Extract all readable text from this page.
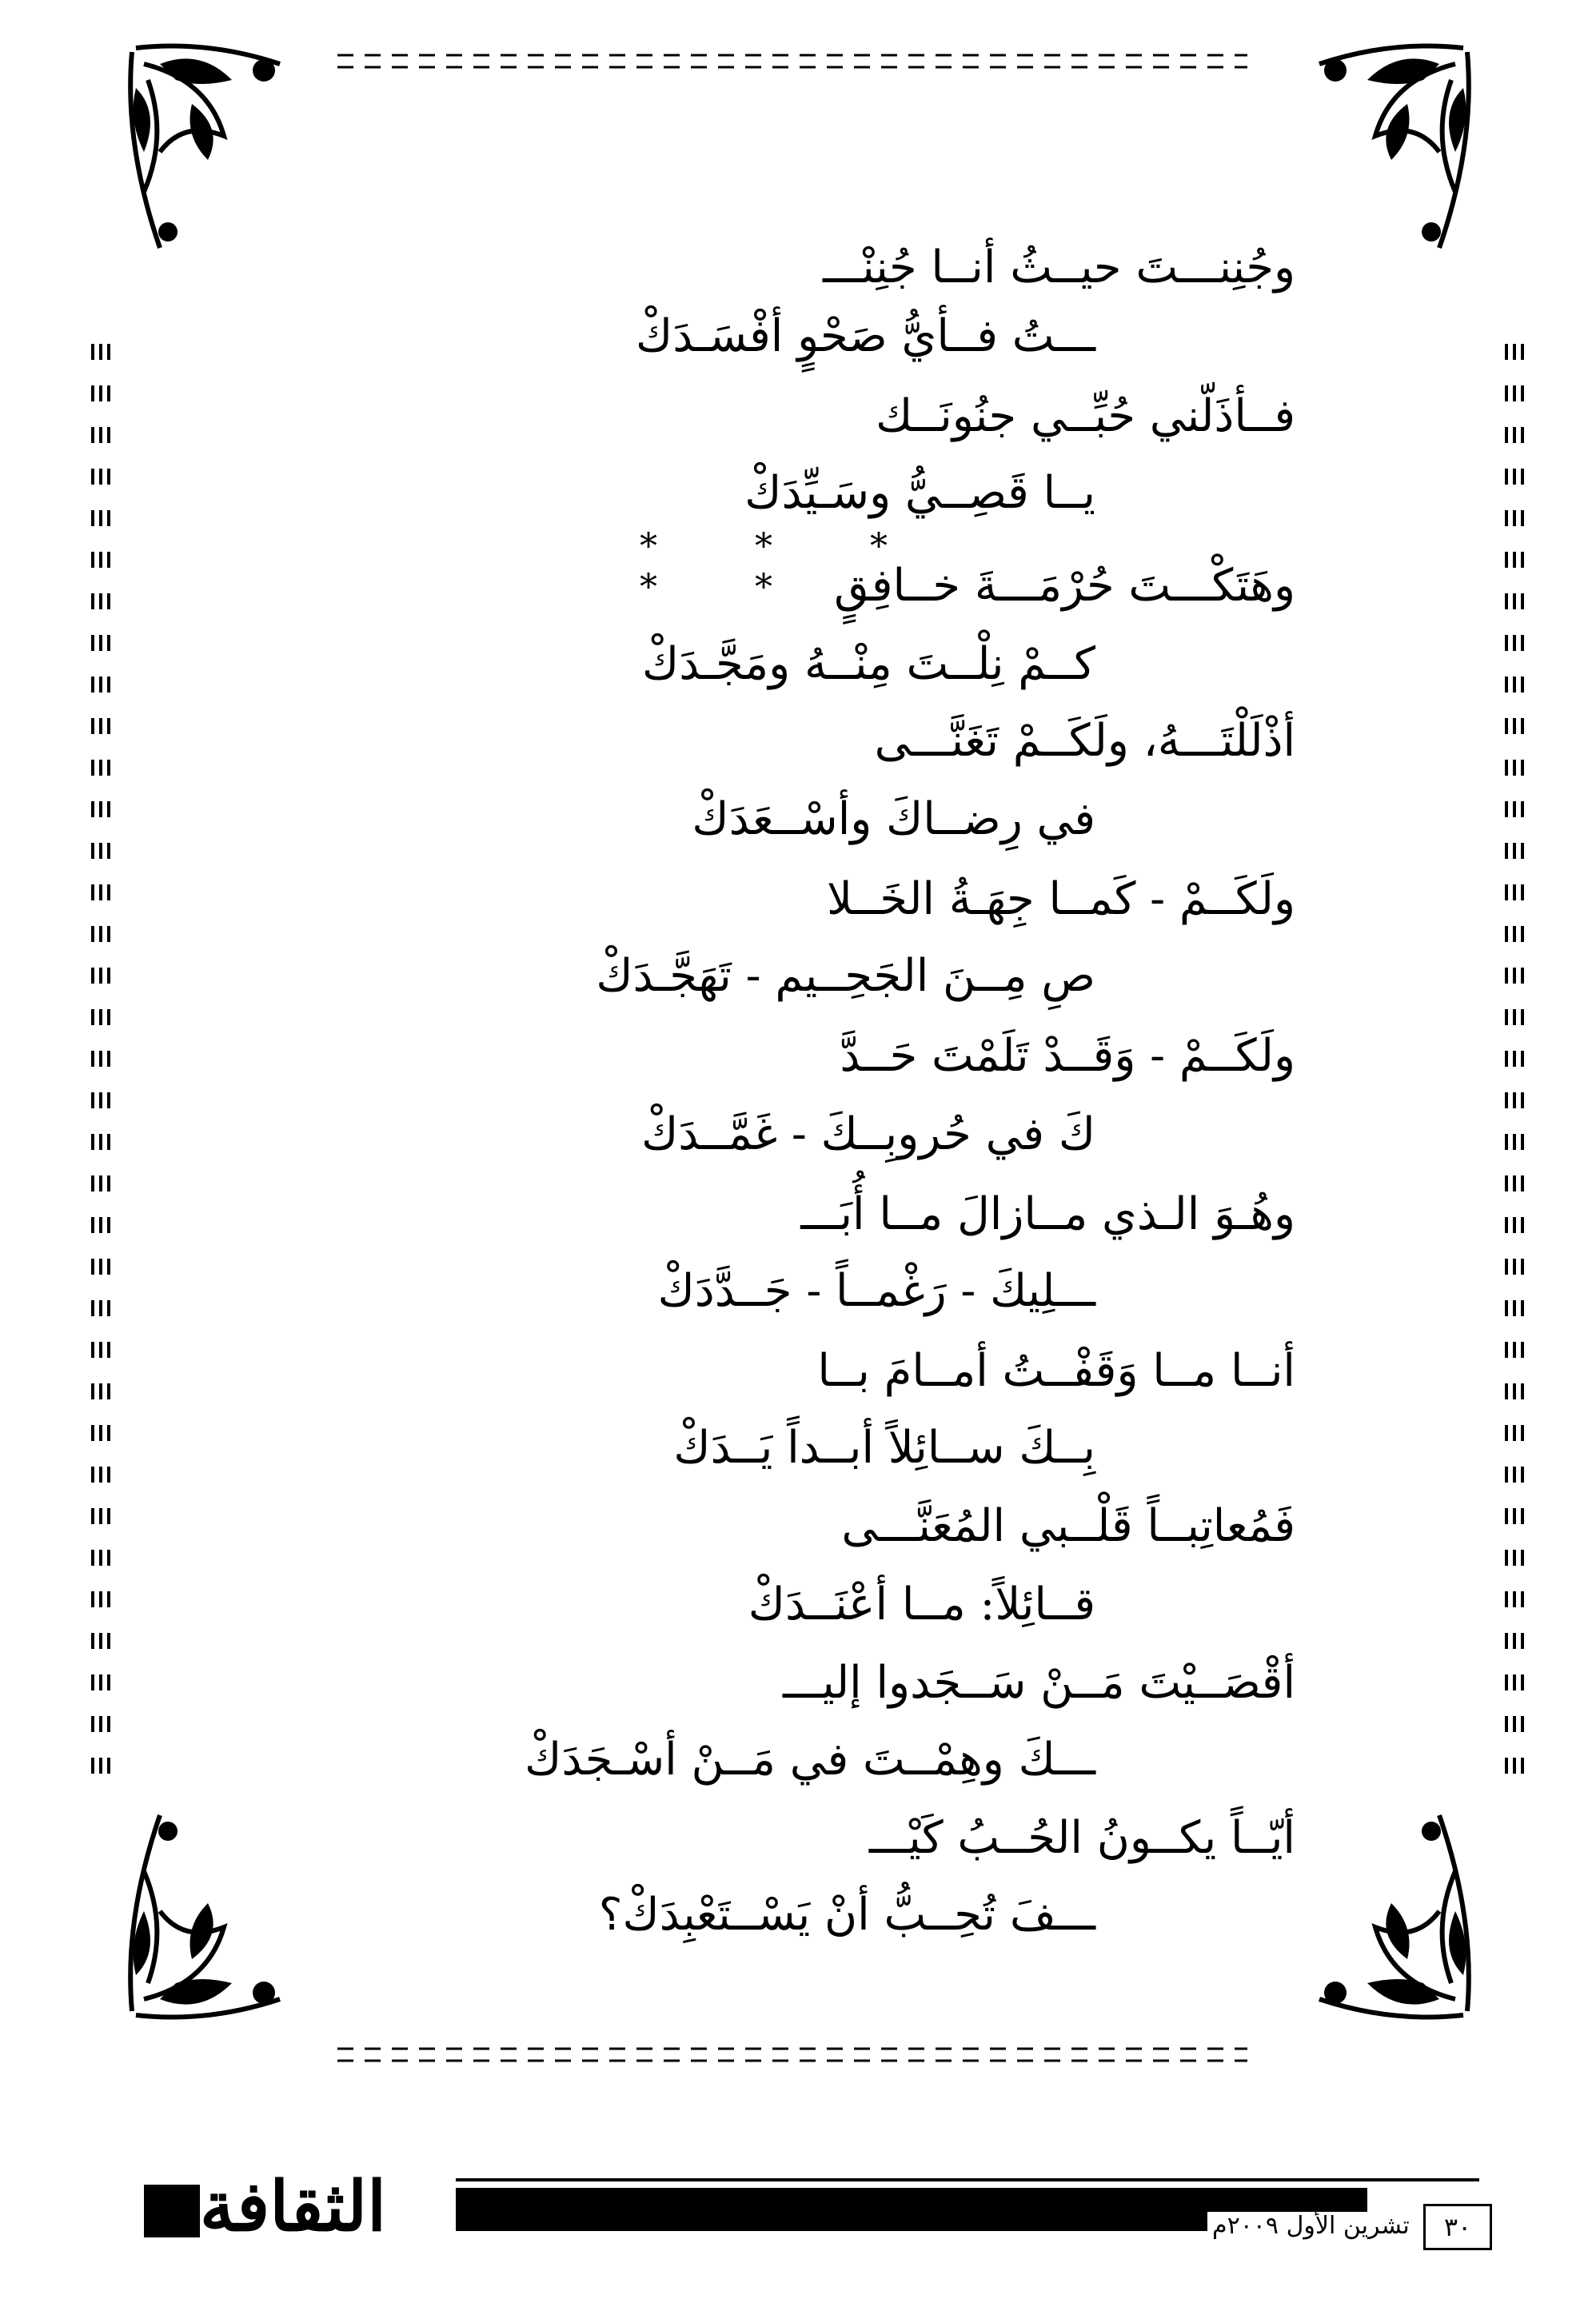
وجُنِنـــتَ حيــثُ أنــا جُنِنْـــ
ـــتُ فــأيُّ صَحْوٍ أفْسَـدَكْ
فــأذَلّني حُبِّــي جنُونَــك
يــا قَصِــيُّ وسَـيِّدَكْ
* * * * * وهَتَكْـــتَ حُرْمَـــةَ خــافِقٍ
كــمْ نِلْــتَ مِنْــهُ ومَجَّـدَكْ
أذْلَلْتَـــهُ، ولَكَــمْ تَغَنَّـــى
في رِضــاكَ وأسْــعَدَكْ
ولَكَــمْ - كَمــا جِهَـةُ الخَــلا
صِ مِــنَ الجَحِــيم - تَهَجَّـدَكْ
ولَكَــمْ - وَقَــدْ تَلَمْتَ حَــدَّ
كَ في حُروبِــكَ - غَمَّــدَكْ
وهُـوَ الـذي مــازالَ مــا أُبَـــ
ـــلِيكَ - رَغْمــاً - جَــدَّدَكْ
أنــا مــا وَقَفْــتُ أمــامَ بــا
بِــكَ ســائِلاً أبــداً يَــدَكْ
فَمُعاتِبــاً قَلْــبي المُعَنَّـــى
قــائِلاً: مــا أعْنَــدَكْ
أقْصَــيْتَ مَــنْ سَــجَدوا إليـــ
ـــكَ وهِمْــتَ في مَــنْ أسْـجَدَكْ
أيّــاً يكــونُ الحُــبُ كَيْـــ
ـــفَ تُحِــبُّ أنْ يَسْــتَعْبِدَكْ؟
الثقافة	تشرين الأول ٢٠٠٩م	٣٠
